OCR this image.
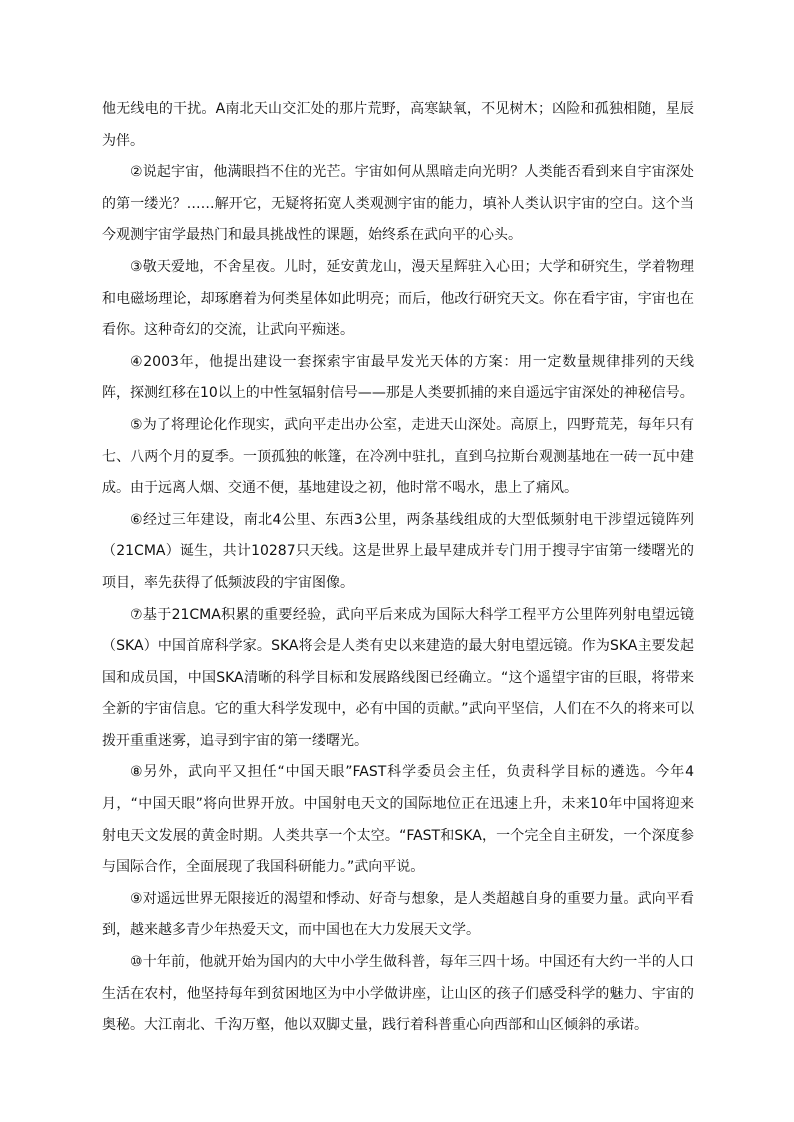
他无线电的干扰。A南北天山交汇处的那片荒野，高寒缺氧，不见树木；凶险和孤独相随，星辰为伴。

②说起宇宙，他满眼挡不住的光芒。宇宙如何从黑暗走向光明？人类能否看到来自宇宙深处的第一缕光？……解开它，无疑将拓宽人类观测宇宙的能力，填补人类认识宇宙的空白。这个当今观测宇宙学最热门和最具挑战性的课题，始终系在武向平的心头。

③敬天爱地，不舍星夜。儿时，延安黄龙山，漫天星辉驻入心田；大学和研究生，学着物理和电磁场理论，却琢磨着为何类星体如此明亮；而后，他改行研究天文。你在看宇宙，宇宙也在看你。这种奇幻的交流，让武向平痴迷。

④2003年，他提出建设一套探索宇宙最早发光天体的方案：用一定数量规律排列的天线阵，探测红移在10以上的中性氢辐射信号——那是人类要抓捕的来自遥远宇宙深处的神秘信号。

⑤为了将理论化作现实，武向平走出办公室，走进天山深处。高原上，四野荒芜，每年只有七、八两个月的夏季。一顶孤独的帐篷，在冷冽中驻扎，直到乌拉斯台观测基地在一砖一瓦中建成。由于远离人烟、交通不便，基地建设之初，他时常不喝水，患上了痛风。

⑥经过三年建设，南北4公里、东西3公里，两条基线组成的大型低频射电干涉望远镜阵列（21CMA）诞生，共计10287只天线。这是世界上最早建成并专门用于搜寻宇宙第一缕曙光的项目，率先获得了低频波段的宇宙图像。

⑦基于21CMA积累的重要经验，武向平后来成为国际大科学工程平方公里阵列射电望远镜（SKA）中国首席科学家。SKA将会是人类有史以来建造的最大射电望远镜。作为SKA主要发起国和成员国，中国SKA清晰的科学目标和发展路线图已经确立。“这个遥望宇宙的巨眼，将带来全新的宇宙信息。它的重大科学发现中，必有中国的贡献。”武向平坚信，人们在不久的将来可以拨开重重迷雾，追寻到宇宙的第一缕曙光。

⑧另外，武向平又担任“中国天眼”FAST科学委员会主任，负责科学目标的遴选。今年4月，“中国天眼”将向世界开放。中国射电天文的国际地位正在迅速上升，未来10年中国将迎来射电天文发展的黄金时期。人类共享一个太空。“FAST和SKA，一个完全自主研发，一个深度参与国际合作，全面展现了我国科研能力。”武向平说。

⑨对遥远世界无限接近的渴望和悸动、好奇与想象，是人类超越自身的重要力量。武向平看到，越来越多青少年热爱天文，而中国也在大力发展天文学。

⑩十年前，他就开始为国内的大中小学生做科普，每年三四十场。中国还有大约一半的人口生活在农村，他坚持每年到贫困地区为中小学做讲座，让山区的孩子们感受科学的魅力、宇宙的奥秘。大江南北、千沟万壑，他以双脚丈量，践行着科普重心向西部和山区倾斜的承诺。
